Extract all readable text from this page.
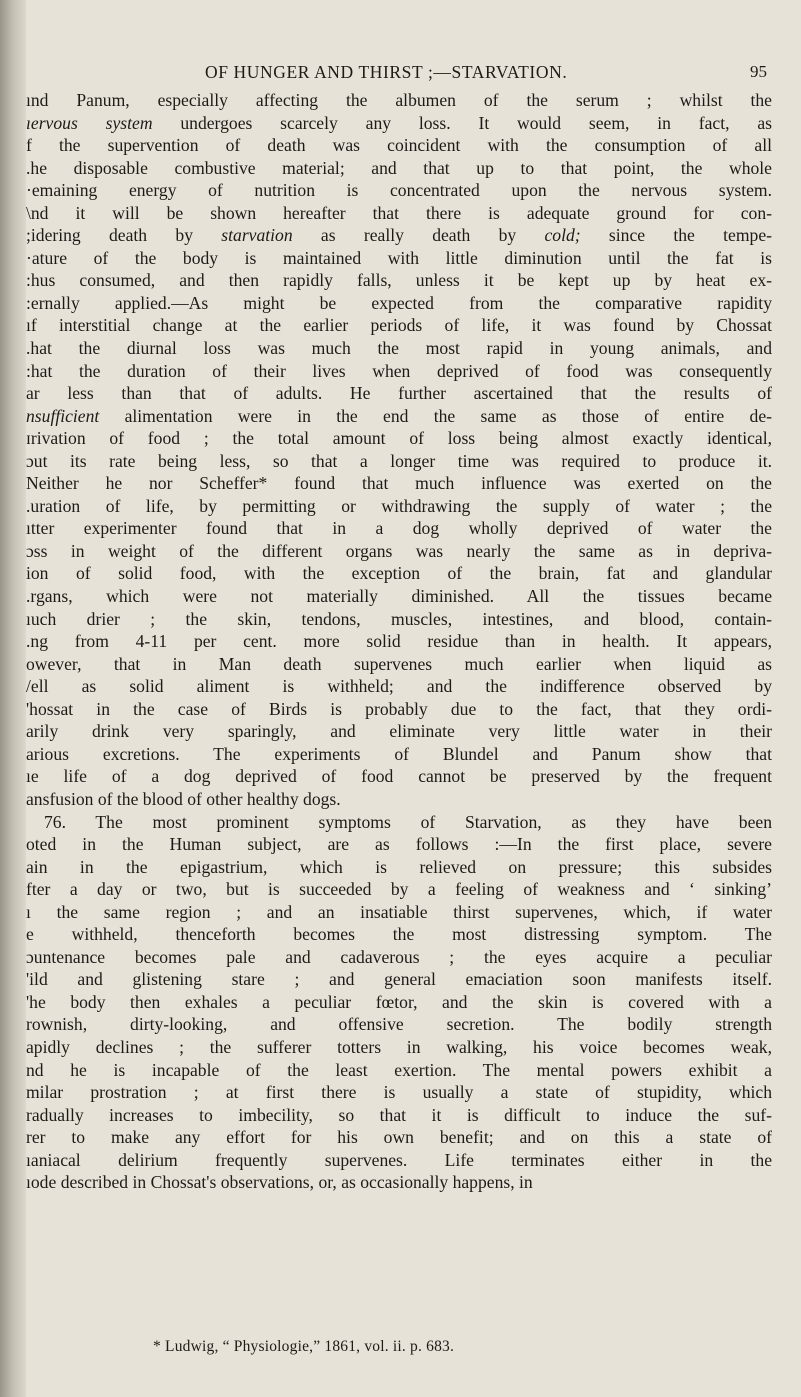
OF HUNGER AND THIRST ;—STARVATION.	95
ınd Panum, especially affecting the albumen of the serum ; whilst the
ıervous system undergoes scarcely any loss. It would seem, in fact, as
f the supervention of death was coincident with the consumption of all
.he disposable combustive material; and that up to that point, the whole
·emaining energy of nutrition is concentrated upon the nervous system.
\nd it will be shown hereafter that there is adequate ground for con-
;idering death by starvation as really death by cold; since the tempe-
·ature of the body is maintained with little diminution until the fat is
:hus consumed, and then rapidly falls, unless it be kept up by heat ex-
:ernally applied.—As might be expected from the comparative rapidity
ıf interstitial change at the earlier periods of life, it was found by Chossat
.hat the diurnal loss was much the most rapid in young animals, and
:hat the duration of their lives when deprived of food was consequently
ar less than that of adults. He further ascertained that the results of
nsufficient alimentation were in the end the same as those of entire de-
ɪrivation of food ; the total amount of loss being almost exactly identical,
ɔut its rate being less, so that a longer time was required to produce it.
Neither he nor Scheffer* found that much influence was exerted on the
.uration of life, by permitting or withdrawing the supply of water ; the
ıtter experimenter found that in a dog wholly deprived of water the
ɔss in weight of the different organs was nearly the same as in depriva-
ion of solid food, with the exception of the brain, fat and glandular
.rgans, which were not materially diminished. All the tissues became
ıuch drier ; the skin, tendons, muscles, intestines, and blood, contain-
.ng from 4-11 per cent. more solid residue than in health. It appears,
owever, that in Man death supervenes much earlier when liquid as
/ell as solid aliment is withheld; and the indifference observed by
'hossat in the case of Birds is probably due to the fact, that they ordi-
arily drink very sparingly, and eliminate very little water in their
arious excretions. The experiments of Blundel and Panum show that
ıe life of a dog deprived of food cannot be preserved by the frequent
ansfusion of the blood of other healthy dogs.
76. The most prominent symptoms of Starvation, as they have been
oted in the Human subject, are as follows :—In the first place, severe
ain in the epigastrium, which is relieved on pressure; this subsides
fter a day or two, but is succeeded by a feeling of weakness and ‘ sinking’
ı the same region ; and an insatiable thirst supervenes, which, if water
e withheld, thenceforth becomes the most distressing symptom. The
ɔuntenance becomes pale and cadaverous ; the eyes acquire a peculiar
'ild and glistening stare ; and general emaciation soon manifests itself.
'he body then exhales a peculiar fœtor, and the skin is covered with a
rownish, dirty-looking, and offensive secretion. The bodily strength
apidly declines ; the sufferer totters in walking, his voice becomes weak,
nd he is incapable of the least exertion. The mental powers exhibit a
milar prostration ; at first there is usually a state of stupidity, which
radually increases to imbecility, so that it is difficult to induce the suf-
rer to make any effort for his own benefit; and on this a state of
ıaniacal delirium frequently supervenes. Life terminates either in the
ıode described in Chossat's observations, or, as occasionally happens, in
* Ludwig, “ Physiologie,” 1861, vol. ii. p. 683.
